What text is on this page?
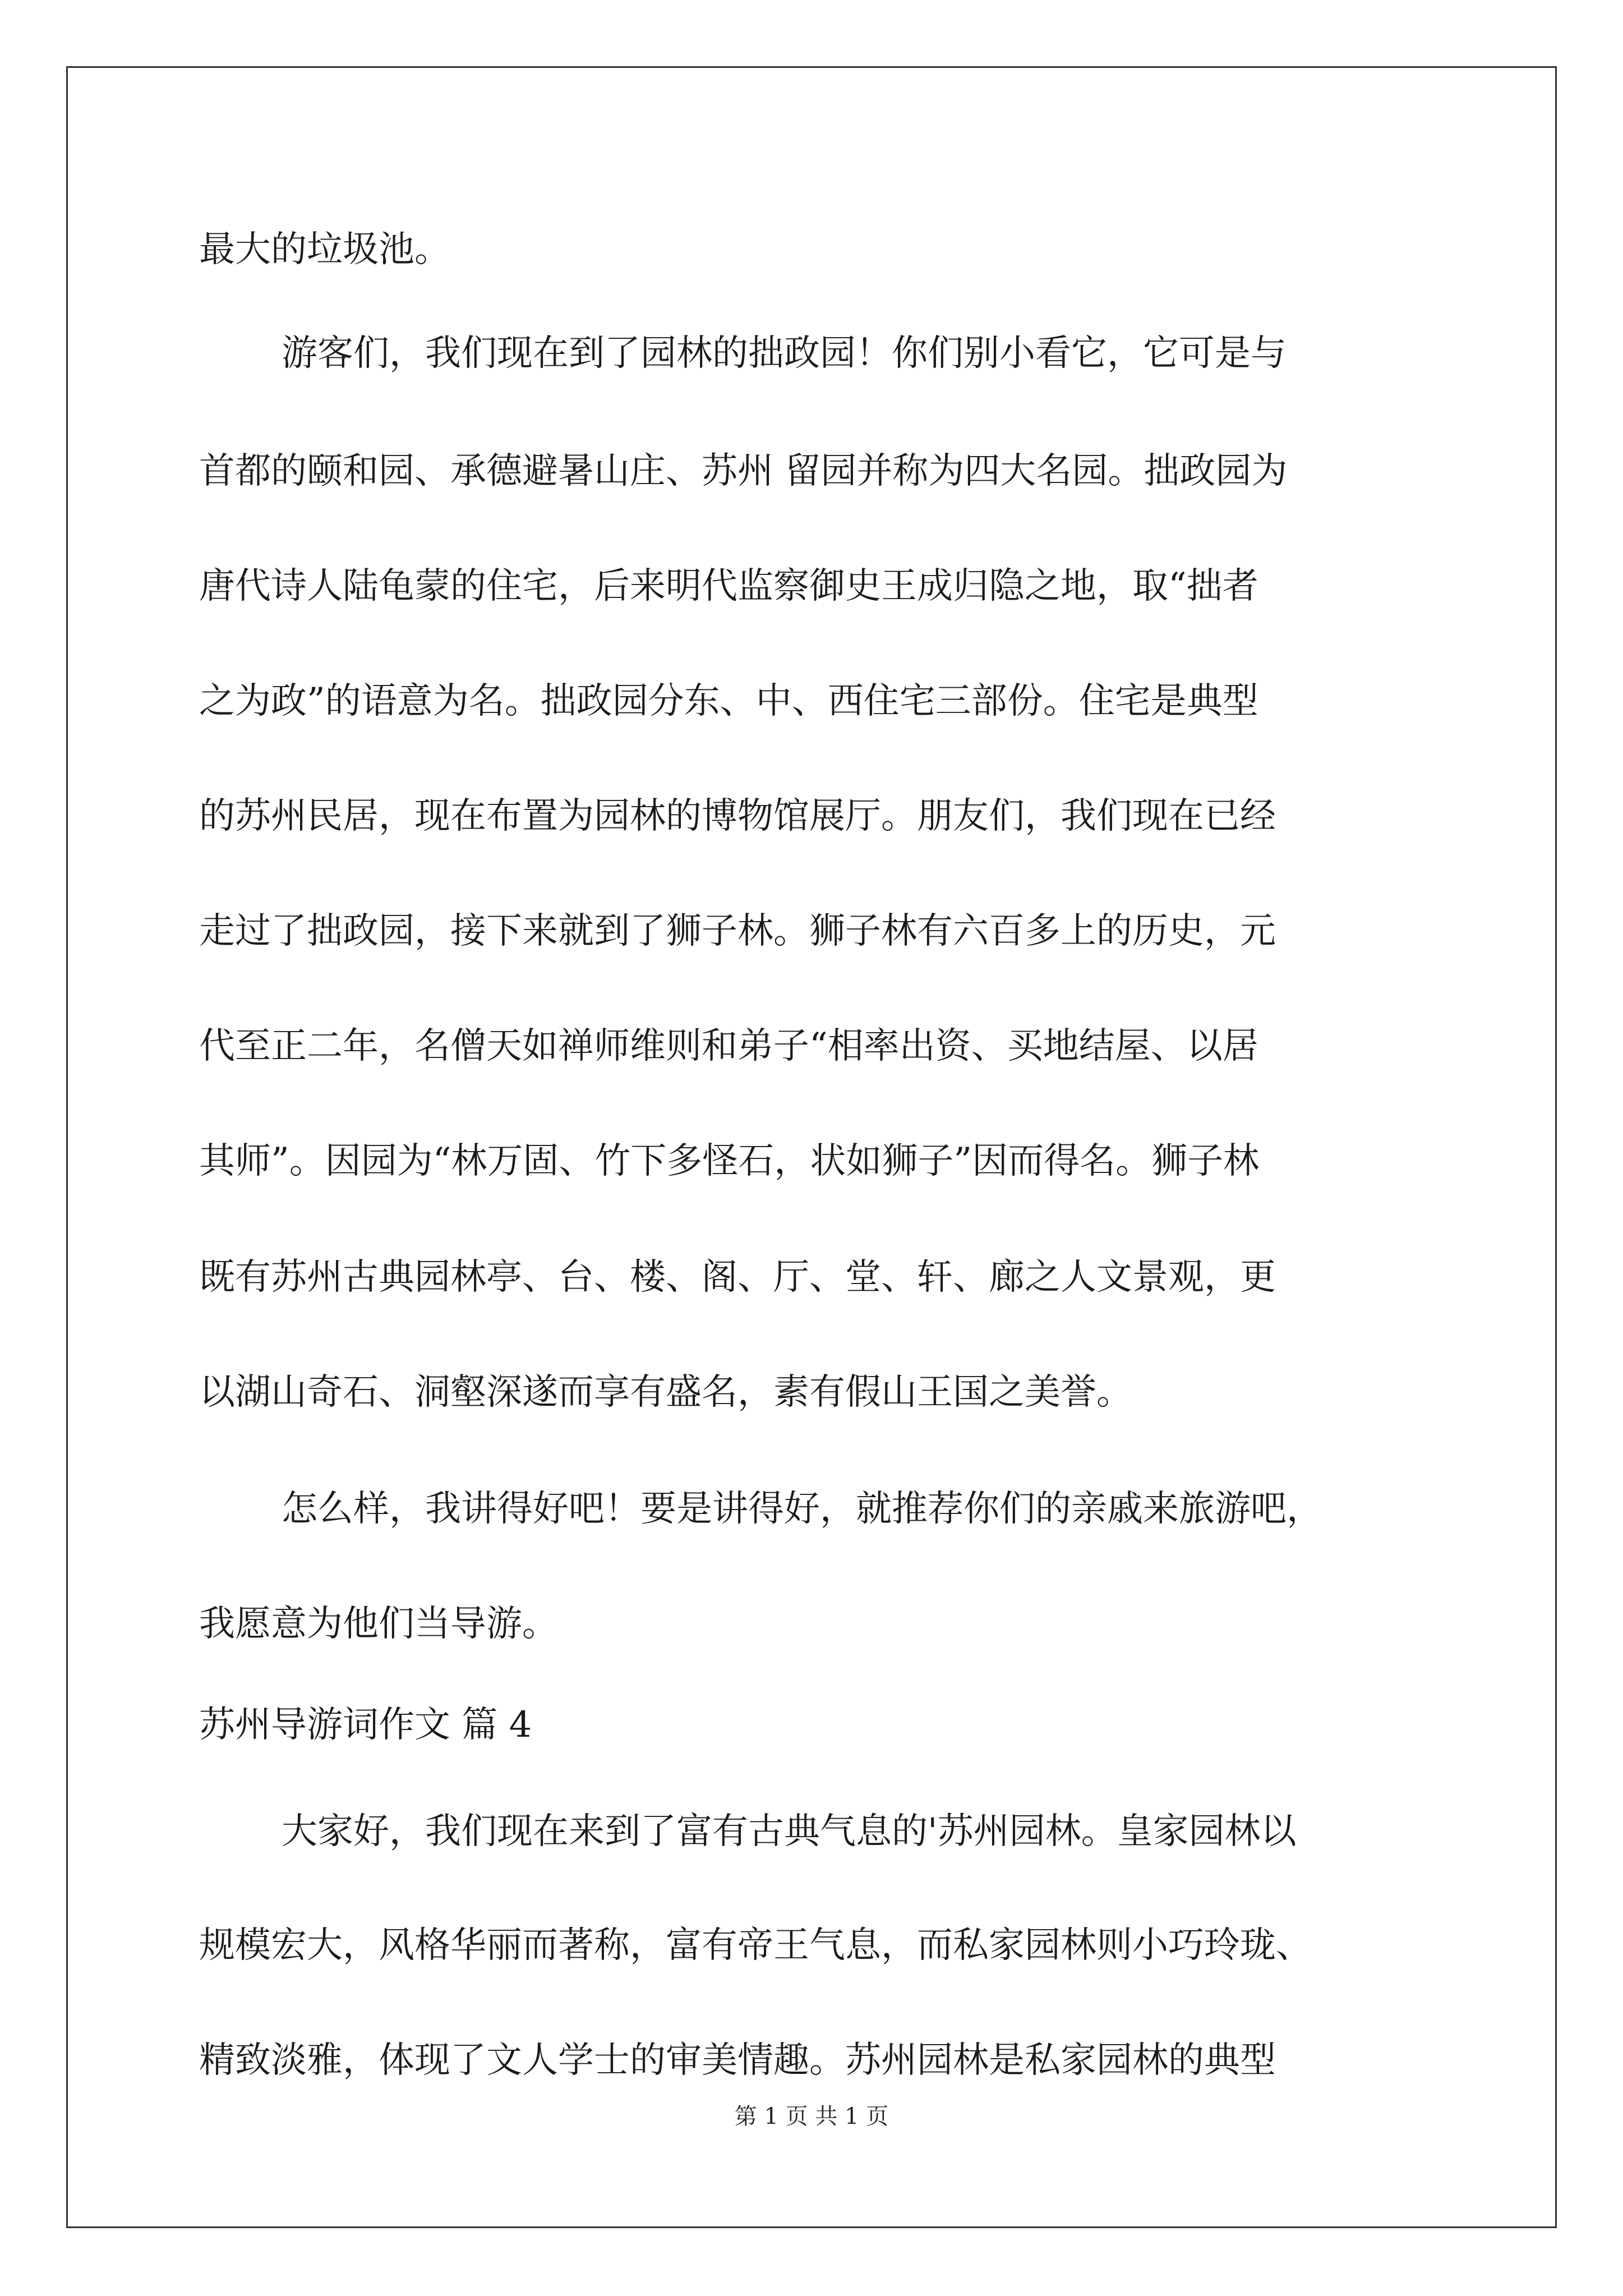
最大的垃圾池。
游客们，我们现在到了园林的拙政园！你们别小看它，它可是与
首都的颐和园、承德避暑山庄、苏州 留园并称为四大名园。拙政园为
唐代诗人陆龟蒙的住宅，后来明代监察御史王成归隐之地，取“拙者
之为政”的语意为名。拙政园分东、中、西住宅三部份。住宅是典型
的苏州民居，现在布置为园林的博物馆展厅。朋友们，我们现在已经
走过了拙政园，接下来就到了狮子林。狮子林有六百多上的历史，元
代至正二年，名僧天如禅师维则和弟子“相率出资、买地结屋、以居
其师”。因园为“林万固、竹下多怪石，状如狮子”因而得名。狮子林
既有苏州古典园林亭、台、楼、阁、厅、堂、轩、廊之人文景观，更
以湖山奇石、洞壑深遂而享有盛名，素有假山王国之美誉。
怎么样，我讲得好吧！要是讲得好，就推荐你们的亲戚来旅游吧，
我愿意为他们当导游。
苏州导游词作文 篇 4
大家好，我们现在来到了富有古典气息的'苏州园林。皇家园林以
规模宏大，风格华丽而著称，富有帝王气息，而私家园林则小巧玲珑、
精致淡雅，体现了文人学士的审美情趣。苏州园林是私家园林的典型
第 1 页 共 1 页
